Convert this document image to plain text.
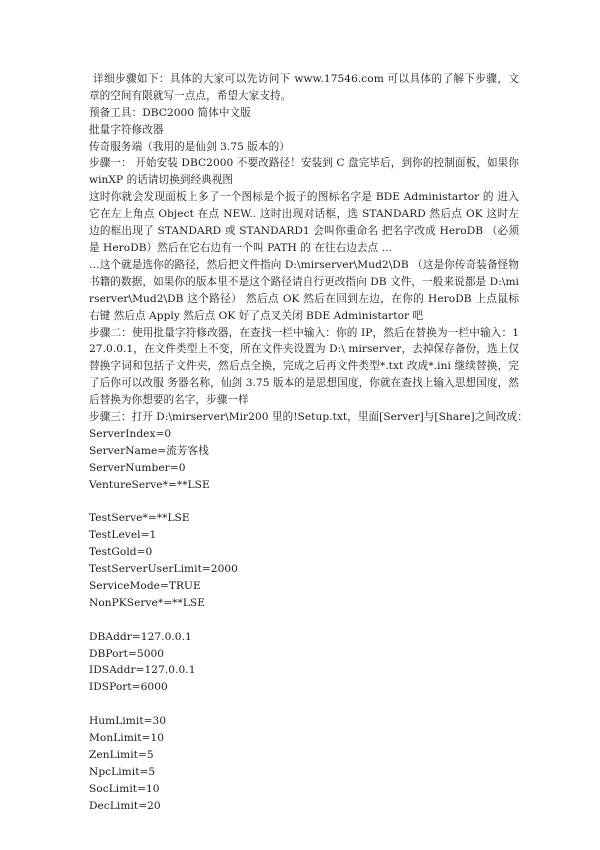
详细步骤如下：具体的大家可以先访问下 www.17546.com 可以具体的了解下步骤，文章的空间有限就写一点点，希望大家支持。
预备工具：DBC2000 简体中文版
批量字符修改器
传奇服务端（我用的是仙剑 3.75 版本的）
步骤一： 开始安装 DBC2000 不要改路径！安装到 C 盘完毕后，到你的控制面板，如果你 winXP 的话请切换到经典视图
这时你就会发现面板上多了一个图标是个扳子的图标名字是 BDE Administartor 的 进入它在左上角点 Object 在点 NEW.. 这时出现对话框，选 STANDARD 然后点 OK 这时左边的框出现了 STANDARD 或 STANDARD1 会叫你重命名 把名字改成 HeroDB （必须是 HeroDB）然后在它右边有一个叫 PATH 的 在往右边去点 …
…这个就是选你的路径，然后把文件指向 D:\mirserver\Mud2\DB （这是你传奇装备怪物书籍的数据，如果你的版本里不是这个路径请自行更改指向 DB 文件，一般来说都是 D:\mirserver\Mud2\DB 这个路径） 然后点 OK 然后在回到左边，在你的 HeroDB 上点鼠标右键 然后点 Apply 然后点 OK 好了点叉关闭 BDE Administartor 吧
步骤二：使用批量字符修改器，在查找一栏中输入：你的 IP，然后在替换为一栏中输入：127.0.0.1，在文件类型上不变，所在文件夹设置为 D:\ mirserver，去掉保存备份，选上仅替换字词和包括子文件夹，然后点全换，完成之后再文件类型*.txt 改成*.ini 继续替换，完了后你可以改服 务器名称，仙剑 3.75 版本的是思想国度，你就在查找上输入思想国度，然后替换为你想要的名字，步骤一样
步骤三：打开 D:\mirserver\Mir200 里的!Setup.txt，里面[Server]与[Share]之间改成：
ServerIndex=0
ServerName=流芳客栈
ServerNumber=0
VentureServe*=**LSE
TestServe*=**LSE
TestLevel=1
TestGold=0
TestServerUserLimit=2000
ServiceMode=TRUE
NonPKServe*=**LSE
DBAddr=127.0.0.1
DBPort=5000
IDSAddr=127.0.0.1
IDSPort=6000
HumLimit=30
MonLimit=10
ZenLimit=5
NpcLimit=5
SocLimit=10
DecLimit=20
